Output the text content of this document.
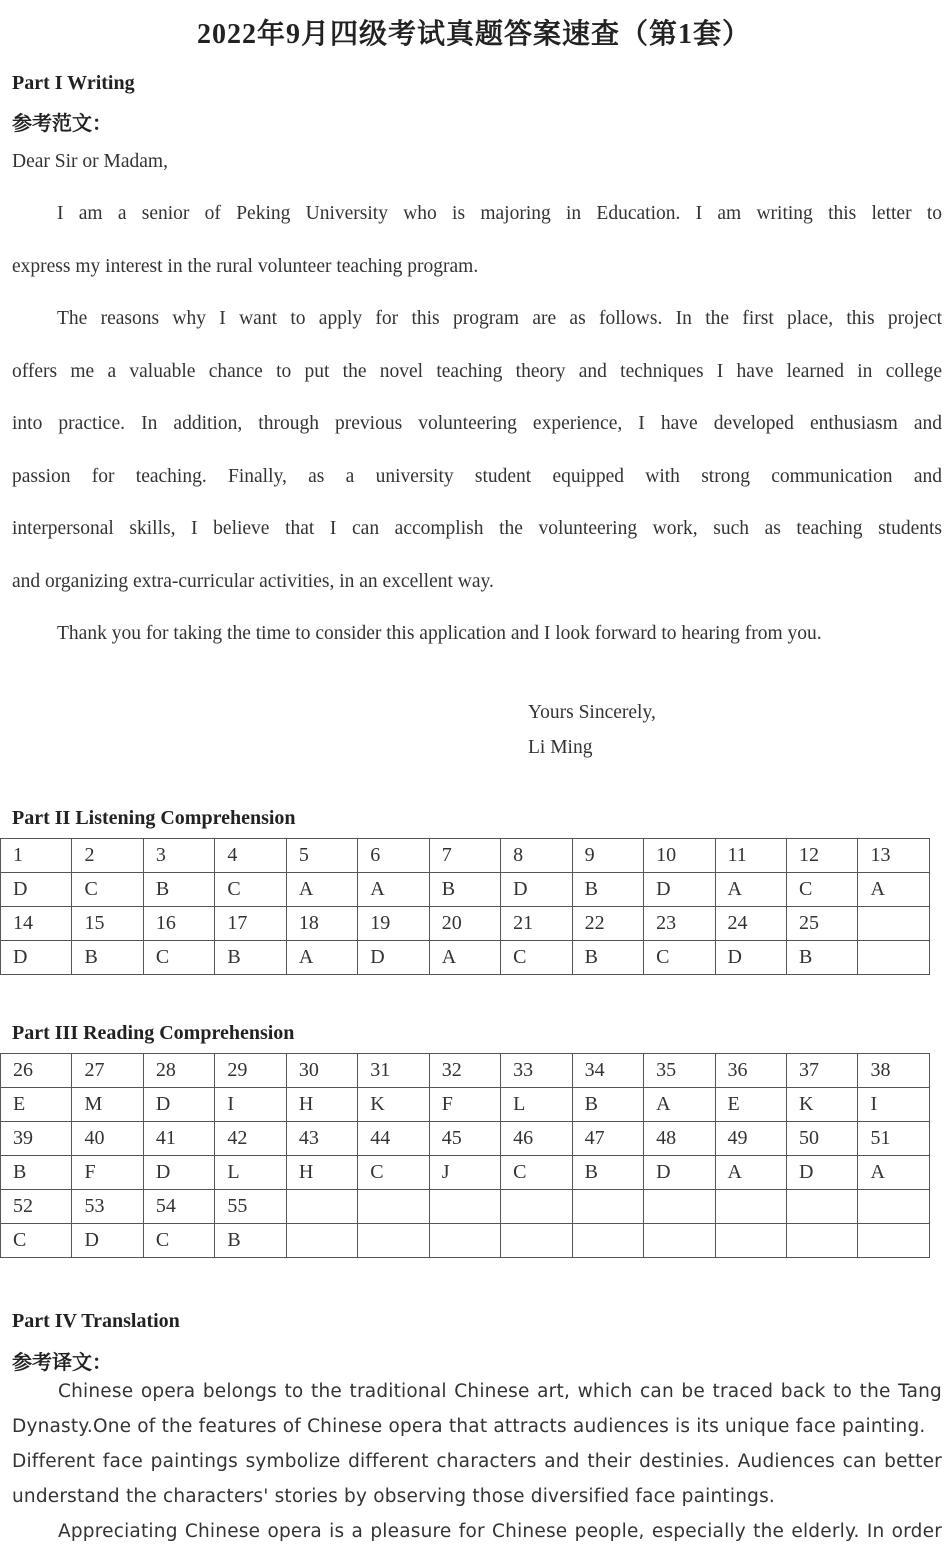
2022年9月四级考试真题答案速查（第1套）
Part I Writing
参考范文：
Dear Sir or Madam,
I am a senior of Peking University who is majoring in Education. I am writing this letter to
express my interest in the rural volunteer teaching program.
The reasons why I want to apply for this program are as follows. In the first place, this project
offers me a valuable chance to put the novel teaching theory and techniques I have learned in college
into practice. In addition, through previous volunteering experience, I have developed enthusiasm and
passion for teaching. Finally, as a university student equipped with strong communication and
interpersonal skills, I believe that I can accomplish the volunteering work, such as teaching students
and organizing extra-curricular activities, in an excellent way.
Thank you for taking the time to consider this application and I look forward to hearing from you.
Yours Sincerely,
Li Ming
Part II Listening Comprehension
1	2	3	4	5	6	7	8	9	10	11	12	13
D	C	B	C	A	A	B	D	B	D	A	C	A
14	15	16	17	18	19	20	21	22	23	24	25	
D	B	C	B	A	D	A	C	B	C	D	B	
Part III Reading Comprehension
26	27	28	29	30	31	32	33	34	35	36	37	38
E	M	D	I	H	K	F	L	B	A	E	K	I
39	40	41	42	43	44	45	46	47	48	49	50	51
B	F	D	L	H	C	J	C	B	D	A	D	A
52	53	54	55									
C	D	C	B									
Part IV Translation
参考译文：
Chinese opera belongs to the traditional Chinese art, which can be traced back to the Tang
Dynasty.One of the features of Chinese opera that attracts audiences is its unique face painting.
Different face paintings symbolize different characters and their destinies. Audiences can better
understand the characters' stories by observing those diversified face paintings.
Appreciating Chinese opera is a pleasure for Chinese people, especially the elderly. In order
